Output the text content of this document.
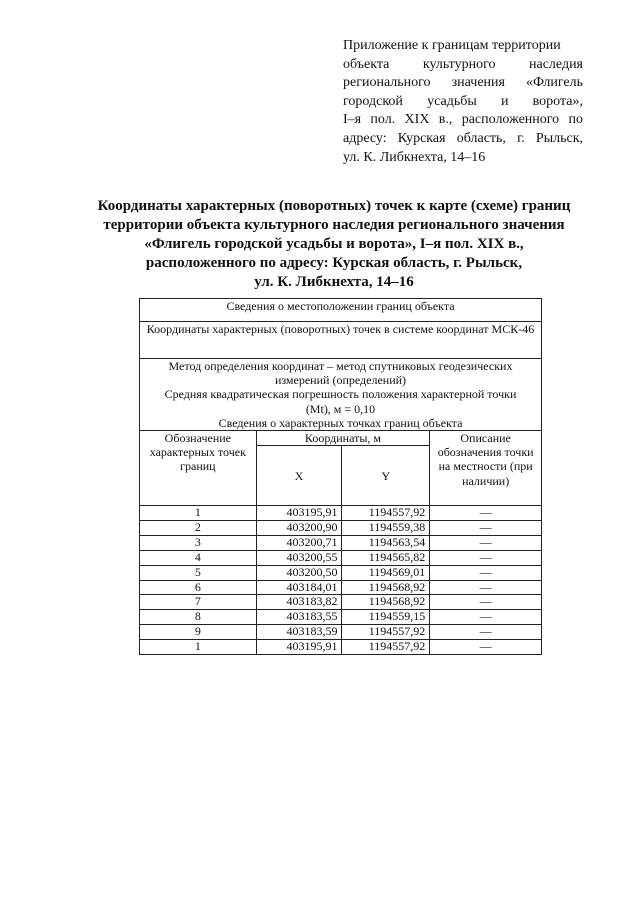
Приложение к границам территории
объекта культурного наследия
регионального значения «Флигель
городской усадьбы и ворота»,
I–я пол. XIX в., расположенного по
адресу: Курская область, г. Рыльск,
ул. К. Либкнехта, 14–16
Координаты характерных (поворотных) точек к карте (схеме) границ
территории объекта культурного наследия регионального значения
«Флигель городской усадьбы и ворота», I–я пол. XIX в.,
расположенного по адресу: Курская область, г. Рыльск,
ул. К. Либкнехта, 14–16
Сведения о местоположении границ объекта			
Координаты характерных (поворотных) точек в системе координат МСК-46			

Метод определения координат – метод спутниковых геодезических
измерений (определений)
Средняя квадратическая погрешность положения характерной точки
(Mt), м = 0,10
Сведения о характерных точках границ объекта			

Обозначение характерных точек границ	Координаты, м		Описание обозначения точки на местности (при наличии)

	X	Y	
1	403195,91	1194557,92	—
2	403200,90	1194559,38	—
3	403200,71	1194563,54	—
4	403200,55	1194565,82	—
5	403200,50	1194569,01	—
6	403184,01	1194568,92	—
7	403183,82	1194568,92	—
8	403183,55	1194559,15	—
9	403183,59	1194557,92	—
1	403195,91	1194557,92	—
